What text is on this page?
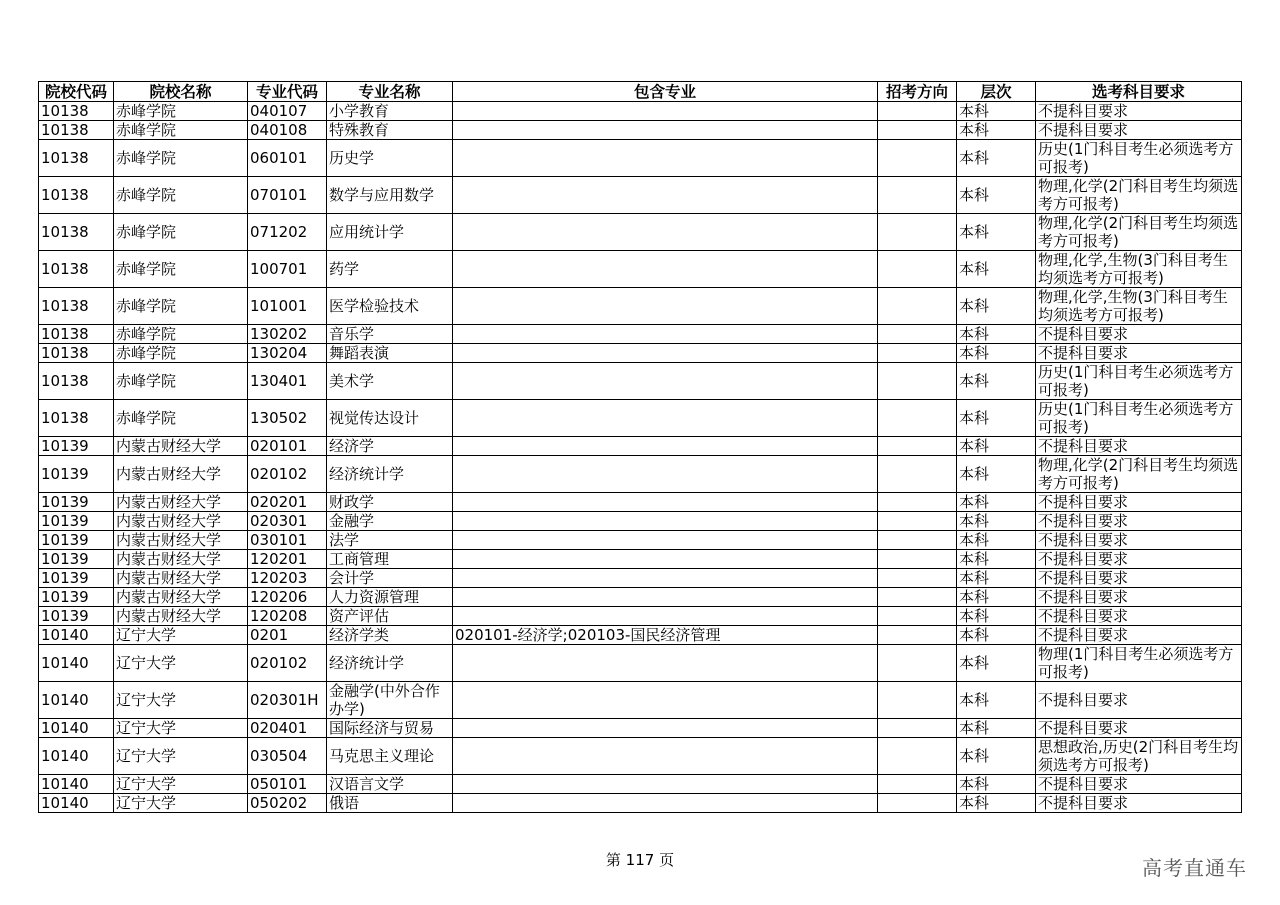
院校代码	院校名称	专业代码	专业名称	包含专业	招考方向	层次	选考科目要求
10138	赤峰学院	040107	小学教育			本科	不提科目要求
10138	赤峰学院	040108	特殊教育			本科	不提科目要求
10138	赤峰学院	060101	历史学			本科	历史(1门科目考生必须选考方可报考)
10138	赤峰学院	070101	数学与应用数学			本科	物理,化学(2门科目考生均须选考方可报考)
10138	赤峰学院	071202	应用统计学			本科	物理,化学(2门科目考生均须选考方可报考)
10138	赤峰学院	100701	药学			本科	物理,化学,生物(3门科目考生均须选考方可报考)
10138	赤峰学院	101001	医学检验技术			本科	物理,化学,生物(3门科目考生均须选考方可报考)
10138	赤峰学院	130202	音乐学			本科	不提科目要求
10138	赤峰学院	130204	舞蹈表演			本科	不提科目要求
10138	赤峰学院	130401	美术学			本科	历史(1门科目考生必须选考方可报考)
10138	赤峰学院	130502	视觉传达设计			本科	历史(1门科目考生必须选考方可报考)
10139	内蒙古财经大学	020101	经济学			本科	不提科目要求
10139	内蒙古财经大学	020102	经济统计学			本科	物理,化学(2门科目考生均须选考方可报考)
10139	内蒙古财经大学	020201	财政学			本科	不提科目要求
10139	内蒙古财经大学	020301	金融学			本科	不提科目要求
10139	内蒙古财经大学	030101	法学			本科	不提科目要求
10139	内蒙古财经大学	120201	工商管理			本科	不提科目要求
10139	内蒙古财经大学	120203	会计学			本科	不提科目要求
10139	内蒙古财经大学	120206	人力资源管理			本科	不提科目要求
10139	内蒙古财经大学	120208	资产评估			本科	不提科目要求
10140	辽宁大学	0201	经济学类	020101-经济学;020103-国民经济管理		本科	不提科目要求
10140	辽宁大学	020102	经济统计学			本科	物理(1门科目考生必须选考方可报考)
10140	辽宁大学	020301H	金融学(中外合作办学)			本科	不提科目要求
10140	辽宁大学	020401	国际经济与贸易			本科	不提科目要求
10140	辽宁大学	030504	马克思主义理论			本科	思想政治,历史(2门科目考生均须选考方可报考)
10140	辽宁大学	050101	汉语言文学			本科	不提科目要求
10140	辽宁大学	050202	俄语			本科	不提科目要求
第 117 页	高考直通车
